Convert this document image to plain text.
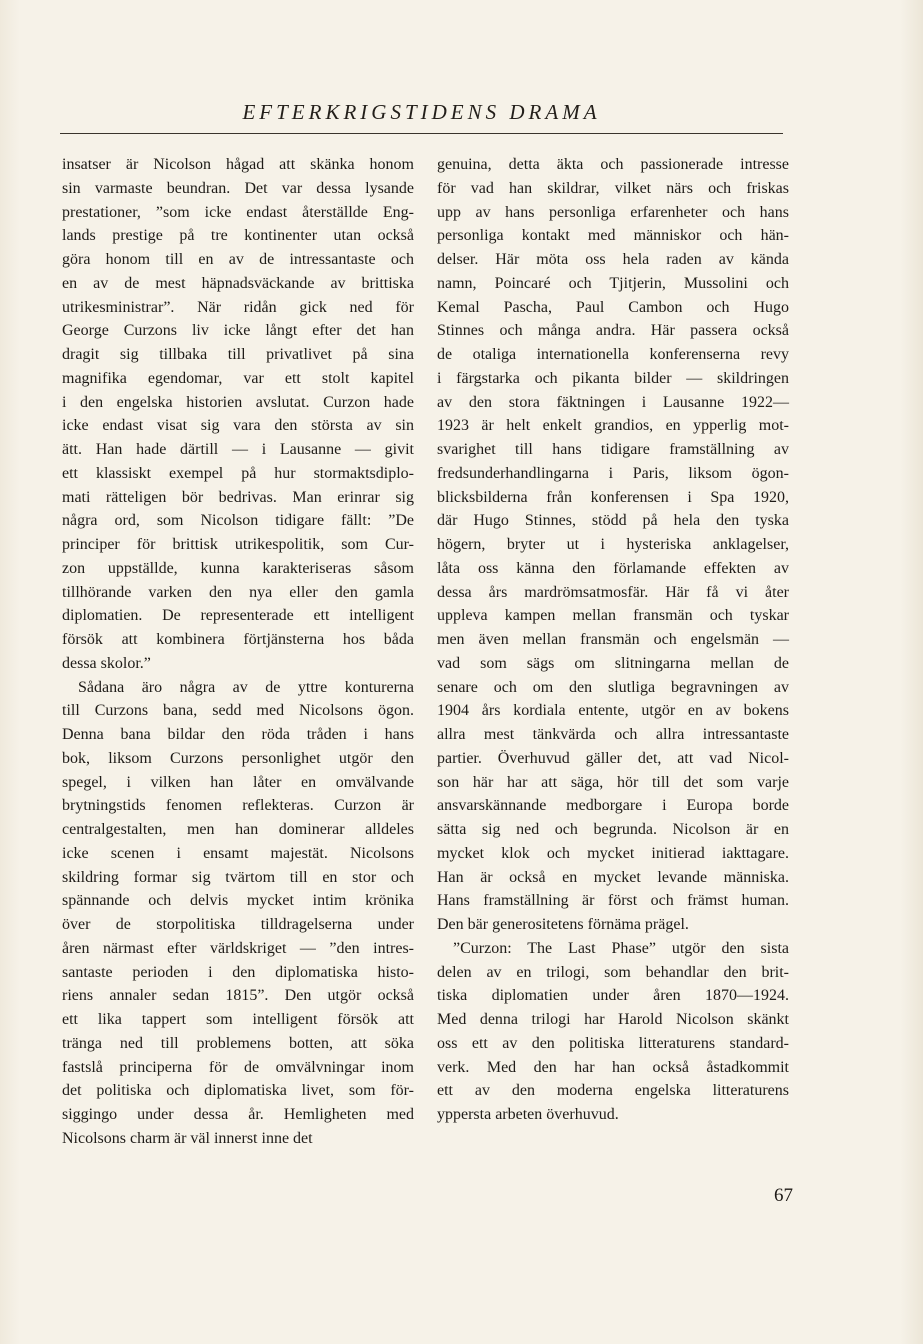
EFTERKRIGSTIDENS DRAMA
insatser är Nicolson hågad att skänka honom
sin varmaste beundran. Det var dessa lysande
prestationer, ”som icke endast återställde Eng-
lands prestige på tre kontinenter utan också
göra honom till en av de intressantaste och
en av de mest häpnadsväckande av brittiska
utrikesministrar”. När ridån gick ned för
George Curzons liv icke långt efter det han
dragit sig tillbaka till privatlivet på sina
magnifika egendomar, var ett stolt kapitel
i den engelska historien avslutat. Curzon hade
icke endast visat sig vara den största av sin
ätt. Han hade därtill — i Lausanne — givit
ett klassiskt exempel på hur stormaktsdiplo-
mati rätteligen bör bedrivas. Man erinrar sig
några ord, som Nicolson tidigare fällt: ”De
principer för brittisk utrikespolitik, som Cur-
zon uppställde, kunna karakteriseras såsom
tillhörande varken den nya eller den gamla
diplomatien. De representerade ett intelligent
försök att kombinera förtjänsterna hos båda
dessa skolor.”
Sådana äro några av de yttre konturerna
till Curzons bana, sedd med Nicolsons ögon.
Denna bana bildar den röda tråden i hans
bok, liksom Curzons personlighet utgör den
spegel, i vilken han låter en omvälvande
brytningstids fenomen reflekteras. Curzon är
centralgestalten, men han dominerar alldeles
icke scenen i ensamt majestät. Nicolsons
skildring formar sig tvärtom till en stor och
spännande och delvis mycket intim krönika
över de storpolitiska tilldragelserna under
åren närmast efter världskriget — ”den intres-
santaste perioden i den diplomatiska histo-
riens annaler sedan 1815”. Den utgör också
ett lika tappert som intelligent försök att
tränga ned till problemens botten, att söka
fastslå principerna för de omvälvningar inom
det politiska och diplomatiska livet, som för-
siggingo under dessa år. Hemligheten med
Nicolsons charm är väl innerst inne det
genuina, detta äkta och passionerade intresse
för vad han skildrar, vilket närs och friskas
upp av hans personliga erfarenheter och hans
personliga kontakt med människor och hän-
delser. Här möta oss hela raden av kända
namn, Poincaré och Tjitjerin, Mussolini och
Kemal Pascha, Paul Cambon och Hugo
Stinnes och många andra. Här passera också
de otaliga internationella konferenserna revy
i färgstarka och pikanta bilder — skildringen
av den stora fäktningen i Lausanne 1922—
1923 är helt enkelt grandios, en ypperlig mot-
svarighet till hans tidigare framställning av
fredsunderhandlingarna i Paris, liksom ögon-
blicksbilderna från konferensen i Spa 1920,
där Hugo Stinnes, stödd på hela den tyska
högern, bryter ut i hysteriska anklagelser,
låta oss känna den förlamande effekten av
dessa års mardrömsatmosfär. Här få vi åter
uppleva kampen mellan fransmän och tyskar
men även mellan fransmän och engelsmän —
vad som sägs om slitningarna mellan de
senare och om den slutliga begravningen av
1904 års kordiala entente, utgör en av bokens
allra mest tänkvärda och allra intressantaste
partier. Överhuvud gäller det, att vad Nicol-
son här har att säga, hör till det som varje
ansvarskännande medborgare i Europa borde
sätta sig ned och begrunda. Nicolson är en
mycket klok och mycket initierad iakttagare.
Han är också en mycket levande människa.
Hans framställning är först och främst human.
Den bär generositetens förnäma prägel.
”Curzon: The Last Phase” utgör den sista
delen av en trilogi, som behandlar den brit-
tiska diplomatien under åren 1870—1924.
Med denna trilogi har Harold Nicolson skänkt
oss ett av den politiska litteraturens standard-
verk. Med den har han också åstadkommit
ett av den moderna engelska litteraturens
yppersta arbeten överhuvud.
67
